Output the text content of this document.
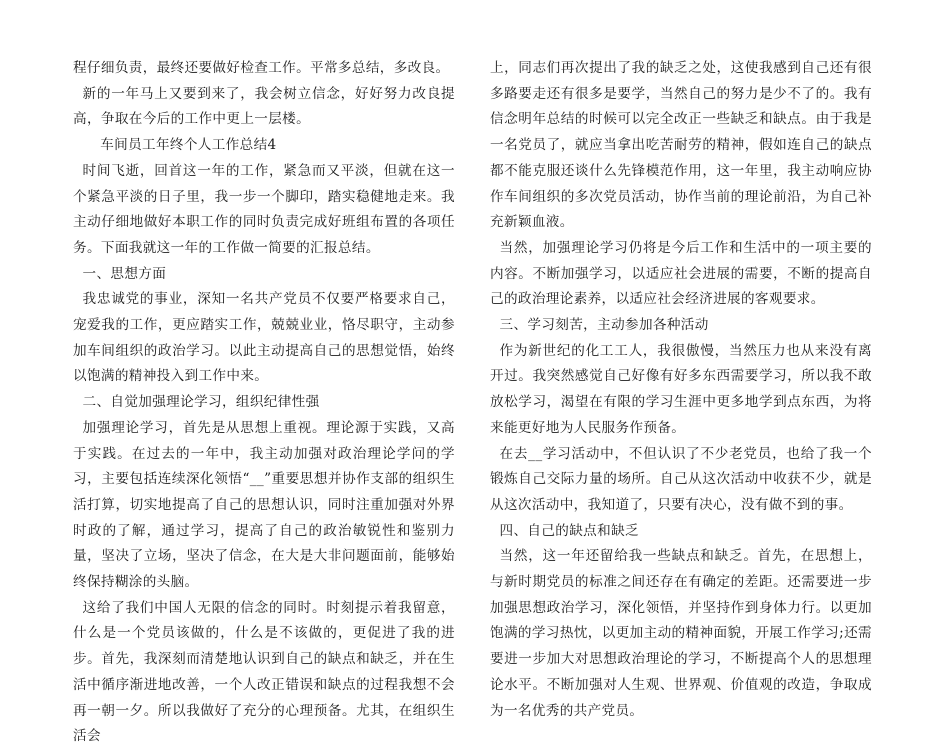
程仔细负责，最终还要做好检查工作。平常多总结，多改良。

新的一年马上又要到来了，我会树立信念，好好努力改良提高，争取在今后的工作中更上一层楼。

车间员工年终个人工作总结4

时间飞逝，回首这一年的工作，紧急而又平淡，但就在这一个紧急平淡的日子里，我一步一个脚印，踏实稳健地走来。我主动仔细地做好本职工作的同时负责完成好班组布置的各项任务。下面我就这一年的工作做一简要的汇报总结。

一、思想方面

我忠诚党的事业，深知一名共产党员不仅要严格要求自己，宠爱我的工作，更应踏实工作，兢兢业业，恪尽职守，主动参加车间组织的政治学习。以此主动提高自己的思想觉悟，始终以饱满的精神投入到工作中来。

二、自觉加强理论学习，组织纪律性强

加强理论学习，首先是从思想上重视。理论源于实践，又高于实践。在过去的一年中，我主动加强对政治理论学问的学习，主要包括连续深化领悟“__”重要思想并协作支部的组织生活打算，切实地提高了自己的思想认识，同时注重加强对外界时政的了解，通过学习，提高了自己的政治敏锐性和鉴别力量，坚决了立场，坚决了信念，在大是大非问题面前，能够始终保持糊涂的头脑。

这给了我们中国人无限的信念的同时。时刻提示着我留意，什么是一个党员该做的，什么是不该做的，更促进了我的进步。首先，我深刻而清楚地认识到自己的缺点和缺乏，并在生活中循序渐进地改善，一个人改正错误和缺点的过程我想不会再一朝一夕。所以我做好了充分的心理预备。尤其，在组织生活会

上，同志们再次提出了我的缺乏之处，这使我感到自己还有很多路要走还有很多是要学，当然自己的努力是少不了的。我有信念明年总结的时候可以完全改正一些缺乏和缺点。由于我是一名党员了，就应当拿出吃苦耐劳的精神，假如连自己的缺点都不能克服还谈什么先锋模范作用，这一年里，我主动响应协作车间组织的多次党员活动，协作当前的理论前沿，为自己补充新颖血液。

当然，加强理论学习仍将是今后工作和生活中的一项主要的内容。不断加强学习，以适应社会进展的需要，不断的提高自己的政治理论素养，以适应社会经济进展的客观要求。

三、学习刻苦，主动参加各种活动

作为新世纪的化工工人，我很傲慢，当然压力也从来没有离开过。我突然感觉自己好像有好多东西需要学习，所以我不敢放松学习，渴望在有限的学习生涯中更多地学到点东西，为将来能更好地为人民服务作预备。

在去__学习活动中，不但认识了不少老党员，也给了我一个锻炼自己交际力量的场所。自己从这次活动中收获不少，就是从这次活动中，我知道了，只要有决心，没有做不到的事。

四、自己的缺点和缺乏

当然，这一年还留给我一些缺点和缺乏。首先，在思想上，与新时期党员的标准之间还存在有确定的差距。还需要进一步加强思想政治学习，深化领悟，并坚持作到身体力行。以更加饱满的学习热忱，以更加主动的精神面貌，开展工作学习;还需要进一步加大对思想政治理论的学习，不断提高个人的思想理论水平。不断加强对人生观、世界观、价值观的改造，争取成为一名优秀的共产党员。
